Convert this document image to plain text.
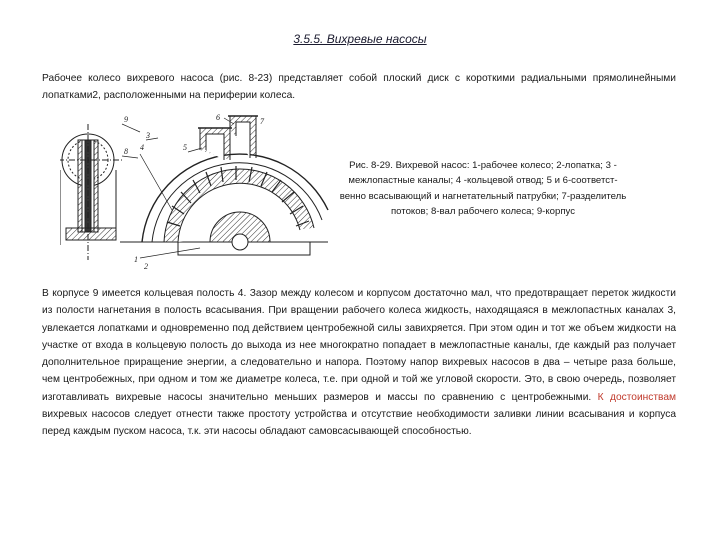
3.5.5. Вихревые насосы
Рабочее колесо вихревого насоса (рис. 8-23) представляет собой плоский диск с короткими радиальными прямолинейными лопатками2, расположенными на периферии колеса.
9
8 4
3
5
6	7
1
2
Рис. 8-29. Вихревой насос: 1-рабочее колесо; 2-лопатка; 3 - межлопастные каналы; 4 -кольцевой отвод; 5 и 6-соответст-венно всасывающий и нагнетательный патрубки; 7-разделитель потоков; 8-вал рабочего колеса; 9-корпус
В корпусе 9 имеется кольцевая полость 4. Зазор между колесом и корпусом достаточно мал, что предотвращает переток жидкости из полости нагнетания в полость всасывания. При вращении рабочего колеса жидкость, находящаяся в межлопастных каналах 3, увлекается лопатками и одновременно под действием центробежной силы завихряется. При этом один и тот же объем жидкости на участке от входа в кольцевую полость до выхода из нее многократно попадает в межлопастные каналы, где каждый раз получает дополнительное приращение энергии, а следовательно и напора. Поэтому напор вихревых насосов в два – четыре раза больше, чем центробежных, при одном и том же диаметре колеса, т.е. при одной и той же угловой скорости. Это, в свою очередь, позволяет изготавливать вихревые насосы значительно меньших размеров и массы по сравнению с центробежными. К достоинствам вихревых насосов следует отнести также простоту устройства и отсутствие необходимости заливки линии всасывания и корпуса перед каждым пуском насоса, т.к. эти насосы обладают самовсасывающей способностью.
